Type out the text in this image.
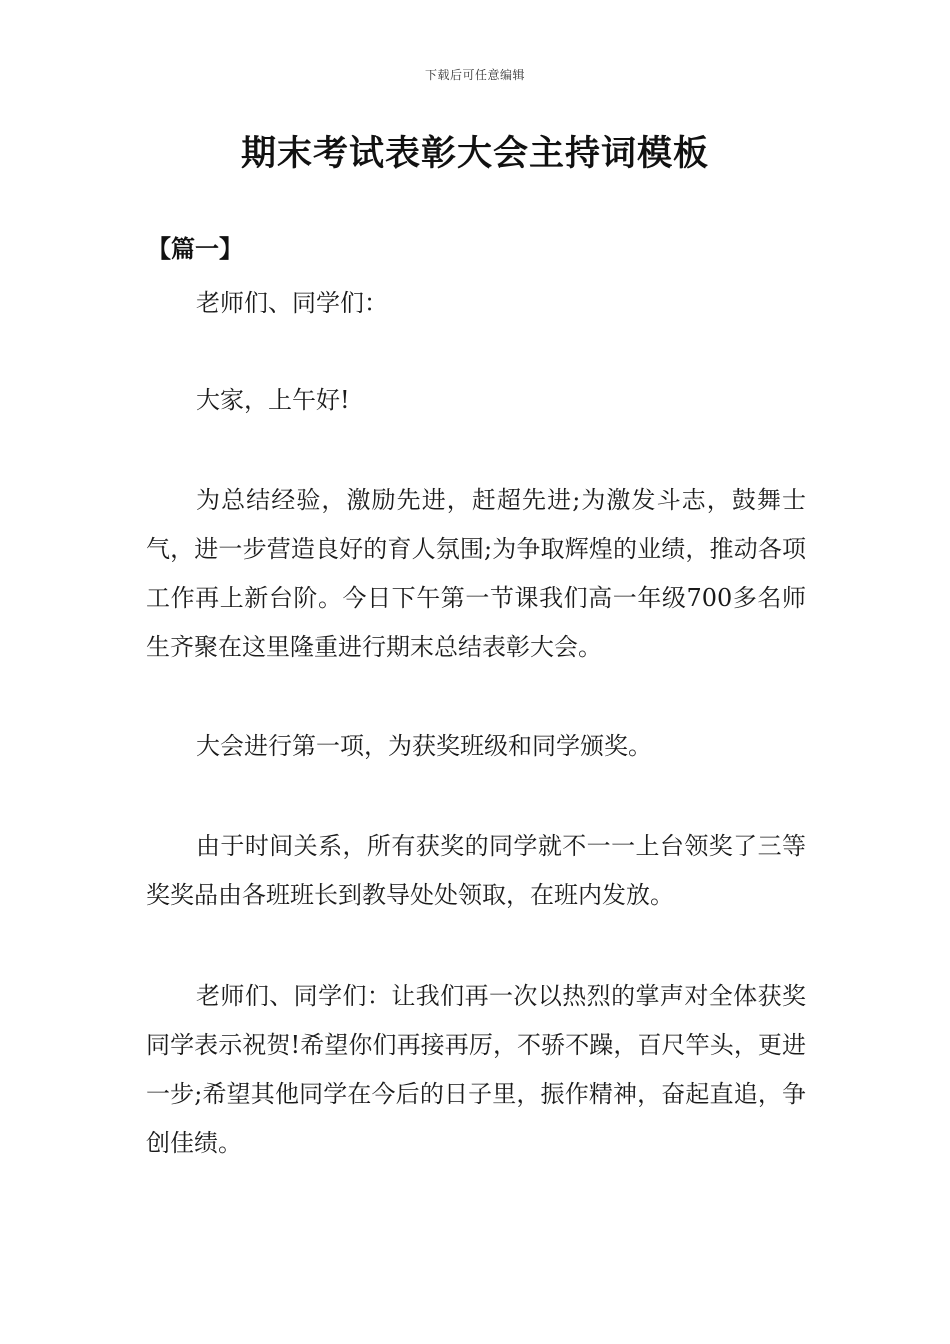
下载后可任意编辑
期末考试表彰大会主持词模板
【篇一】

老师们、同学们：

大家，上午好!

为总结经验，激励先进，赶超先进;为激发斗志，鼓舞士气，进一步营造良好的育人氛围;为争取辉煌的业绩，推动各项工作再上新台阶。今日下午第一节课我们高一年级700多名师生齐聚在这里隆重进行期末总结表彰大会。

大会进行第一项，为获奖班级和同学颁奖。

由于时间关系，所有获奖的同学就不一一上台领奖了三等奖奖品由各班班长到教导处处领取，在班内发放。

老师们、同学们：让我们再一次以热烈的掌声对全体获奖同学表示祝贺!希望你们再接再厉，不骄不躁，百尺竿头，更进一步;希望其他同学在今后的日子里，振作精神，奋起直追，争创佳绩。
